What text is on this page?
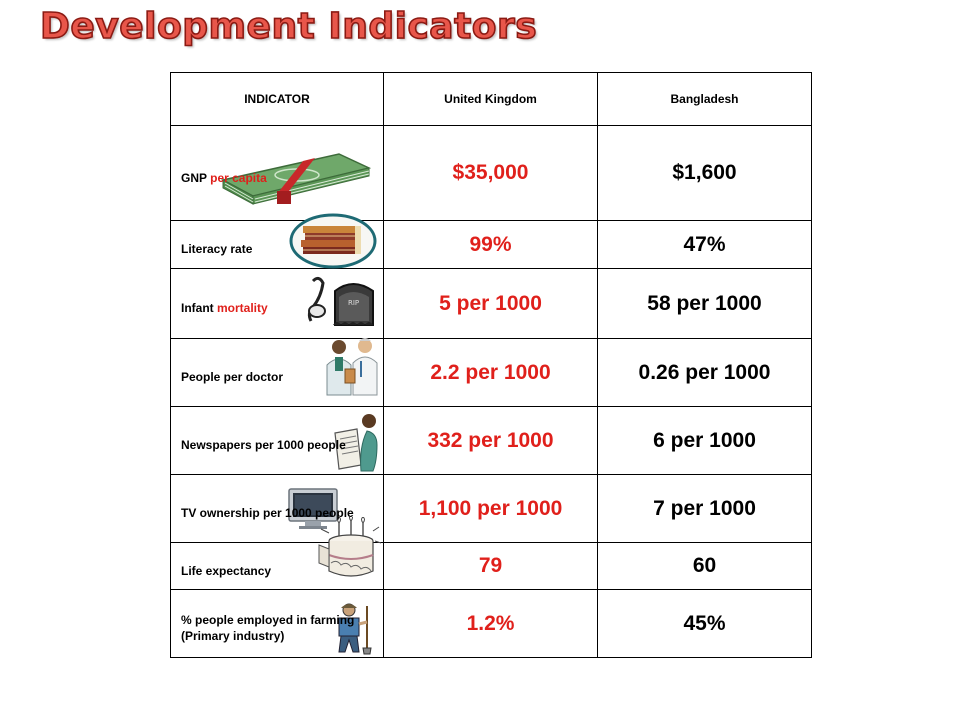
Development Indicators
INDICATOR	United Kingdom	Bangladesh

GNP per capita	$35,000	$1,600

Literacy rate	99%	47%

Infant mortality RIP	5 per 1000	58 per 1000

People per doctor	2.2 per 1000	0.26 per 1000

Newspapers per 1000 people	332 per 1000	6 per 1000

TV ownership per 1000 people	1,100 per 1000	7 per 1000

Life expectancy	79	60

% people employed in farming (Primary industry)	1.2%	45%
